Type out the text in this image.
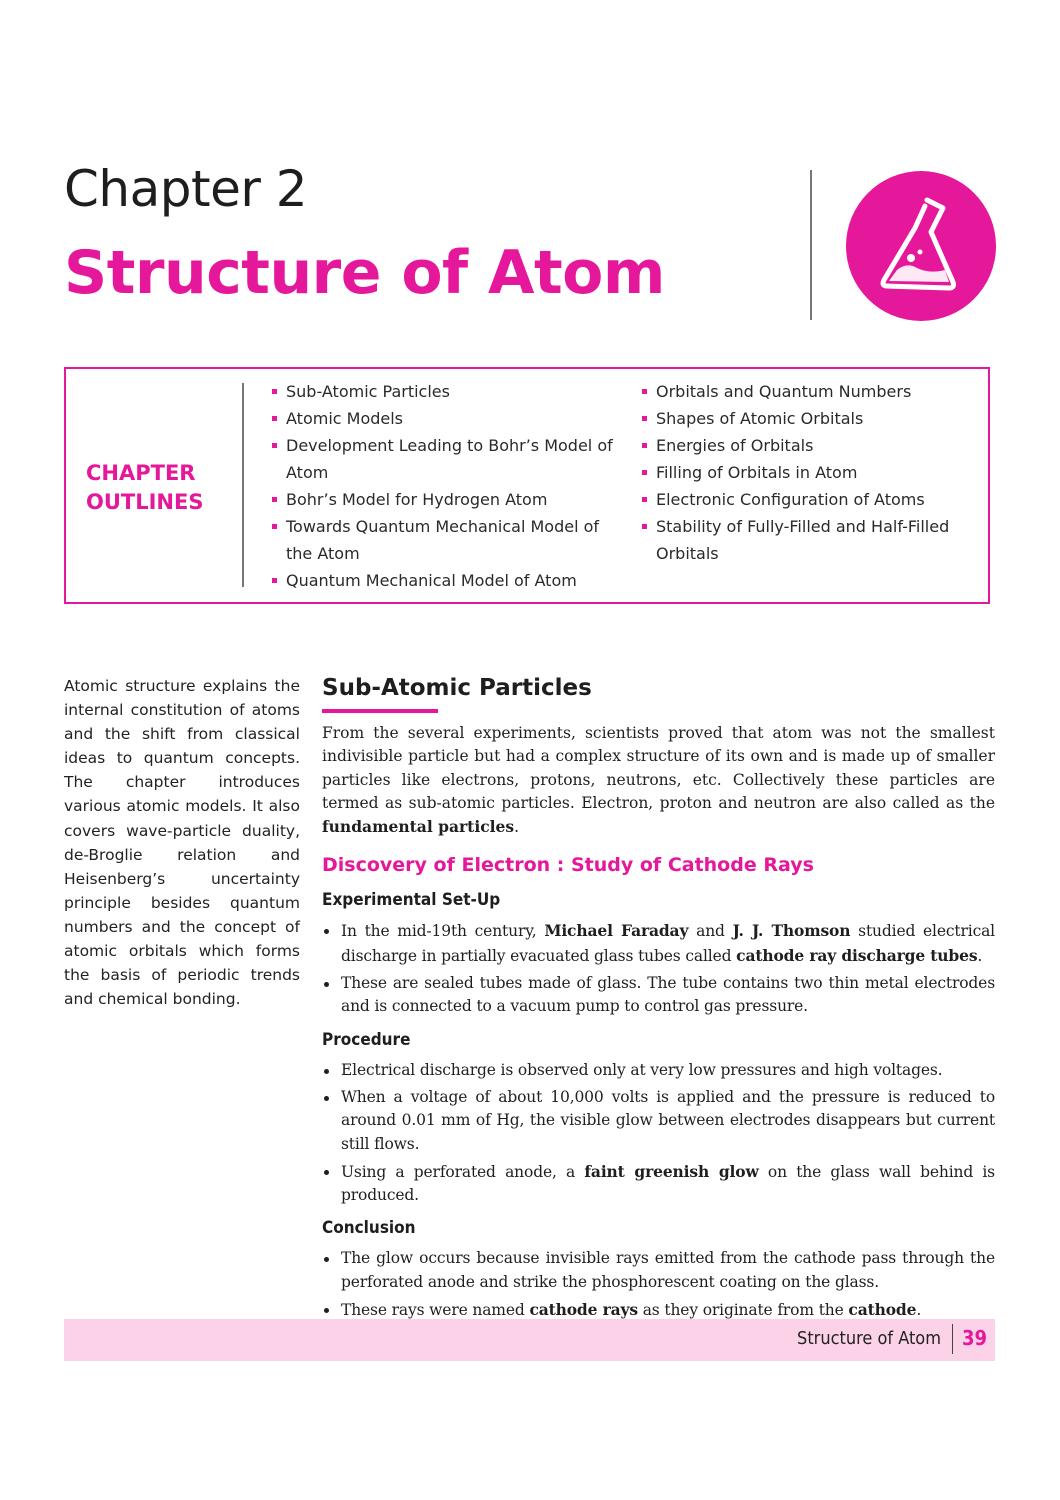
Chapter 2
Structure of Atom
CHAPTER
OUTLINES
Sub-Atomic Particles
Atomic Models
Development Leading to Bohr’s Model of Atom
Bohr’s Model for Hydrogen Atom
Towards Quantum Mechanical Model of the Atom
Quantum Mechanical Model of Atom
Orbitals and Quantum Numbers
Shapes of Atomic Orbitals
Energies of Orbitals
Filling of Orbitals in Atom
Electronic Configuration of Atoms
Stability of Fully-Filled and Half-Filled Orbitals

Atomic structure explains the internal constitution of atoms and the shift from classical ideas to quantum concepts. The chapter introduces various atomic models. It also covers wave-particle duality, de-Broglie relation and Heisenberg’s uncertainty principle besides quantum numbers and the concept of atomic orbitals which forms the basis of periodic trends and chemical bonding.

Sub-Atomic Particles

From the several experiments, scientists proved that atom was not the smallest indivisible particle but had a complex structure of its own and is made up of smaller particles like electrons, protons, neutrons, etc. Collectively these particles are termed as sub-atomic particles. Electron, proton and neutron are also called as the fundamental particles.

Discovery of Electron : Study of Cathode Rays
Experimental Set-Up
In the mid-19th century, Michael Faraday and J. J. Thomson studied electrical discharge in partially evacuated glass tubes called cathode ray discharge tubes.
These are sealed tubes made of glass. The tube contains two thin metal electrodes and is connected to a vacuum pump to control gas pressure.
Procedure
Electrical discharge is observed only at very low pressures and high voltages.
When a voltage of about 10,000 volts is applied and the pressure is reduced to around 0.01 mm of Hg, the visible glow between electrodes disappears but current still flows.
Using a perforated anode, a faint greenish glow on the glass wall behind is produced.
Conclusion
The glow occurs because invisible rays emitted from the cathode pass through the perforated anode and strike the phosphorescent coating on the glass.
These rays were named cathode rays as they originate from the cathode.
Structure of Atom 39
